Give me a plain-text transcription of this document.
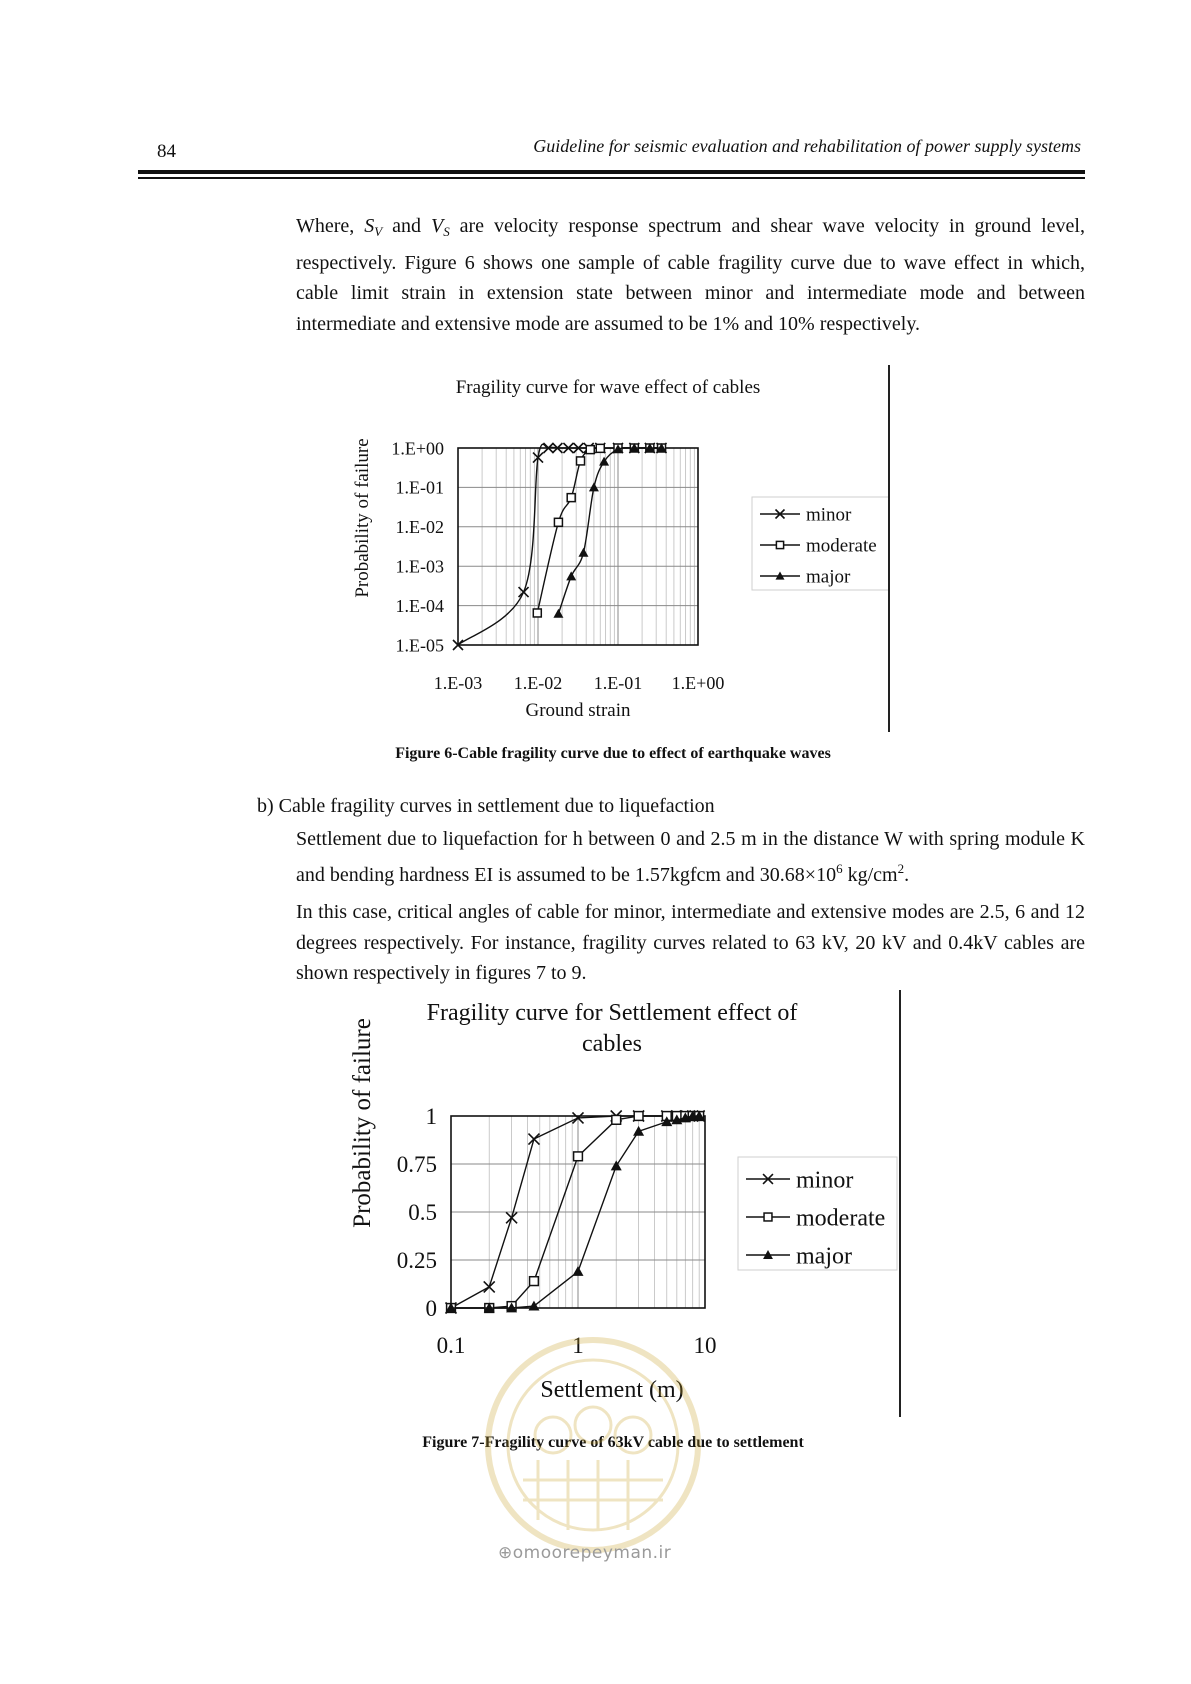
84	Guideline for seismic evaluation and rehabilitation of power supply systems
Where, $S_V$ and $V_S$ are velocity response spectrum and shear wave velocity in ground level, respectively. Figure 6 shows one sample of cable fragility curve due to wave effect in which, cable limit strain in extension state between minor and intermediate mode and between intermediate and extensive mode are assumed to be 1% and 10% respectively.
Fragility curve for wave effect of cables
Probability of failure
Ground strain
1.E+00
1.E-01
1.E-02
1.E-03
1.E-04
1.E-05
1.E-03 1.E-02 1.E-01 1.E+00
minor
moderate
major
Figure 6-Cable fragility curve due to effect of earthquake waves
b) Cable fragility curves in settlement due to liquefaction
Settlement due to liquefaction for h between 0 and 2.5 m in the distance W with spring module K and bending hardness EI is assumed to be 1.57kgfcm and $30.68\times 10^6$ $kg/cm^2$.
In this case, critical angles of cable for minor, intermediate and extensive modes are 2.5, 6 and 12 degrees respectively. For instance, fragility curves related to 63 kV, 20 kV and 0.4kV cables are shown respectively in figures 7 to 9.
Fragility curve for Settlement effect of cables
Probability of failure
Settlement (m)
1
0.75
0.5
0.25
0
0.1	1	10
minor
moderate
major
Figure 7-Fragility curve of 63kV cable due to settlement
⊕omoorepeyman.ir
